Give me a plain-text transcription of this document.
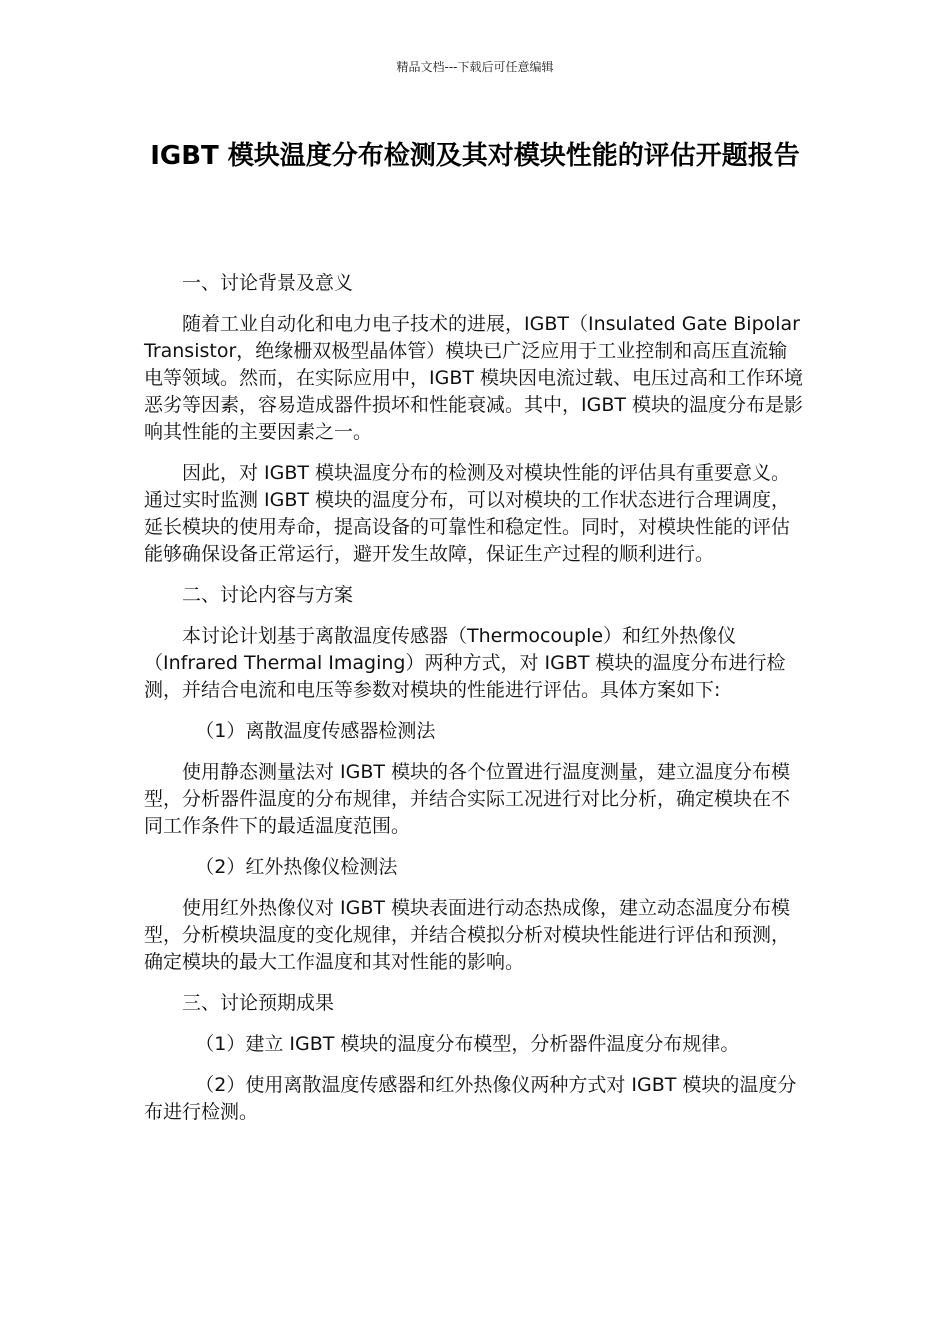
精品文档---下载后可任意编辑
IGBT 模块温度分布检测及其对模块性能的评估开题报告

一、讨论背景及意义

随着工业自动化和电力电子技术的进展，IGBT（Insulated Gate Bipolar Transistor，绝缘栅双极型晶体管）模块已广泛应用于工业控制和高压直流输电等领域。然而，在实际应用中，IGBT 模块因电流过载、电压过高和工作环境恶劣等因素，容易造成器件损坏和性能衰减。其中，IGBT 模块的温度分布是影响其性能的主要因素之一。

因此，对 IGBT 模块温度分布的检测及对模块性能的评估具有重要意义。通过实时监测 IGBT 模块的温度分布，可以对模块的工作状态进行合理调度，延长模块的使用寿命，提高设备的可靠性和稳定性。同时，对模块性能的评估能够确保设备正常运行，避开发生故障，保证生产过程的顺利进行。

二、讨论内容与方案

本讨论计划基于离散温度传感器（Thermocouple）和红外热像仪（Infrared Thermal Imaging）两种方式，对 IGBT 模块的温度分布进行检测，并结合电流和电压等参数对模块的性能进行评估。具体方案如下:

（1）离散温度传感器检测法

使用静态测量法对 IGBT 模块的各个位置进行温度测量，建立温度分布模型，分析器件温度的分布规律，并结合实际工况进行对比分析，确定模块在不同工作条件下的最适温度范围。

（2）红外热像仪检测法

使用红外热像仪对 IGBT 模块表面进行动态热成像，建立动态温度分布模型，分析模块温度的变化规律，并结合模拟分析对模块性能进行评估和预测，确定模块的最大工作温度和其对性能的影响。

三、讨论预期成果

（1）建立 IGBT 模块的温度分布模型，分析器件温度分布规律。

（2）使用离散温度传感器和红外热像仪两种方式对 IGBT 模块的温度分布进行检测。
